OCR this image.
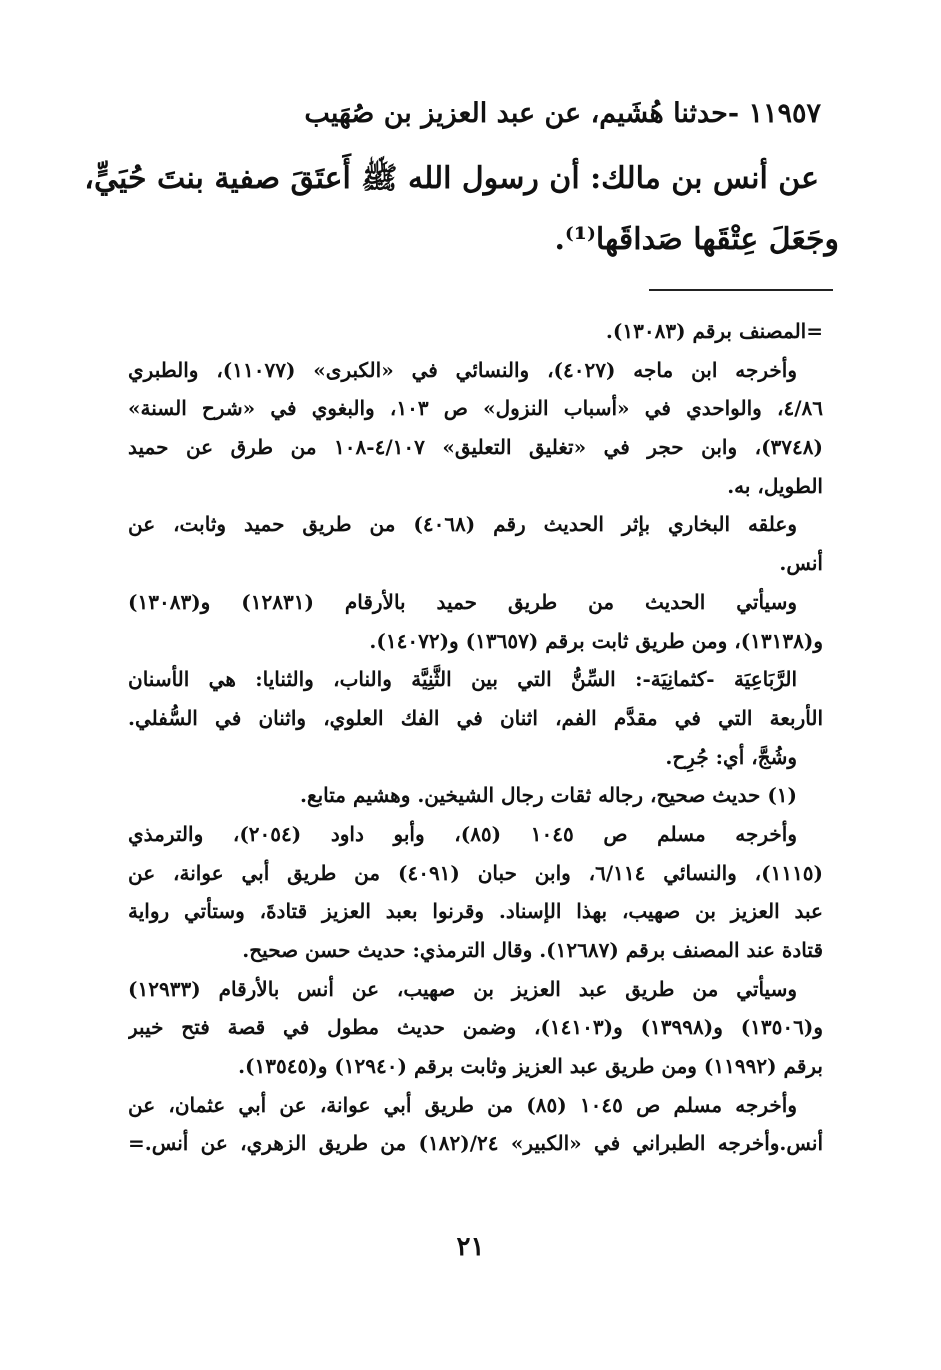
١١٩٥٧ -حدثنا هُشَيم، عن عبد العزيز بن صُهَيب
عن أنس بن مالك: أن رسول الله ﷺ أَعتَقَ صفية بنتَ حُيَيٍّ،
وجَعَلَ عِتْقَها صَداقَها⁽¹⁾.
=المصنف برقم (١٣٠٨٣).
وأخرجه ابن ماجه (٤٠٢٧)، والنسائي في «الكبرى» (١١٠٧٧)، والطبري
٤/٨٦، والواحدي في «أسباب النزول» ص ١٠٣، والبغوي في «شرح السنة»
(٣٧٤٨)، وابن حجر في «تغليق التعليق» ٤/١٠٧-١٠٨ من طرق عن حميد
الطويل، به.
وعلقه البخاري بإثر الحديث رقم (٤٠٦٨) من طريق حميد وثابت، عن
أنس.
وسيأتي الحديث من طريق حميد بالأرقام (١٢٨٣١) و(١٣٠٨٣)
و(١٣١٣٨)، ومن طريق ثابت برقم (١٣٦٥٧) و(١٤٠٧٢).
الرَّبَاعِيَة -كثمانِيَة-: السِّنُّ التي بين الثَّنِيَّة والناب، والثنايا: هي الأسنان
الأربعة التي في مقدَّم الفم، اثنان في الفك العلوي، واثنان في السُّفلي.
وشُجَّ، أي: جُرِح.
(١) حديث صحيح، رجاله ثقات رجال الشيخين. وهشيم متابع.
وأخرجه مسلم ص ١٠٤٥ (٨٥)، وأبو داود (٢٠٥٤)، والترمذي
(١١١٥)، والنسائي ٦/١١٤، وابن حبان (٤٠٩١) من طريق أبي عوانة، عن
عبد العزيز بن صهيب، بهذا الإسناد. وقرنوا بعبد العزيز قتادةَ، وستأتي رواية
قتادة عند المصنف برقم (١٢٦٨٧). وقال الترمذي: حديث حسن صحيح.
وسيأتي من طريق عبد العزيز بن صهيب، عن أنس بالأرقام (١٢٩٣٣)
و(١٣٥٠٦) و(١٣٩٩٨) و(١٤١٠٣)، وضمن حديث مطول في قصة فتح خيبر
برقم (١١٩٩٢) ومن طريق عبد العزيز وثابت برقم (١٢٩٤٠) و(١٣٥٤٥).
وأخرجه مسلم ص ١٠٤٥ (٨٥) من طريق أبي عوانة، عن أبي عثمان، عن
أنس.وأخرجه الطبراني في «الكبير» ٢٤/(١٨٢) من طريق الزهري، عن أنس.=
٢١
